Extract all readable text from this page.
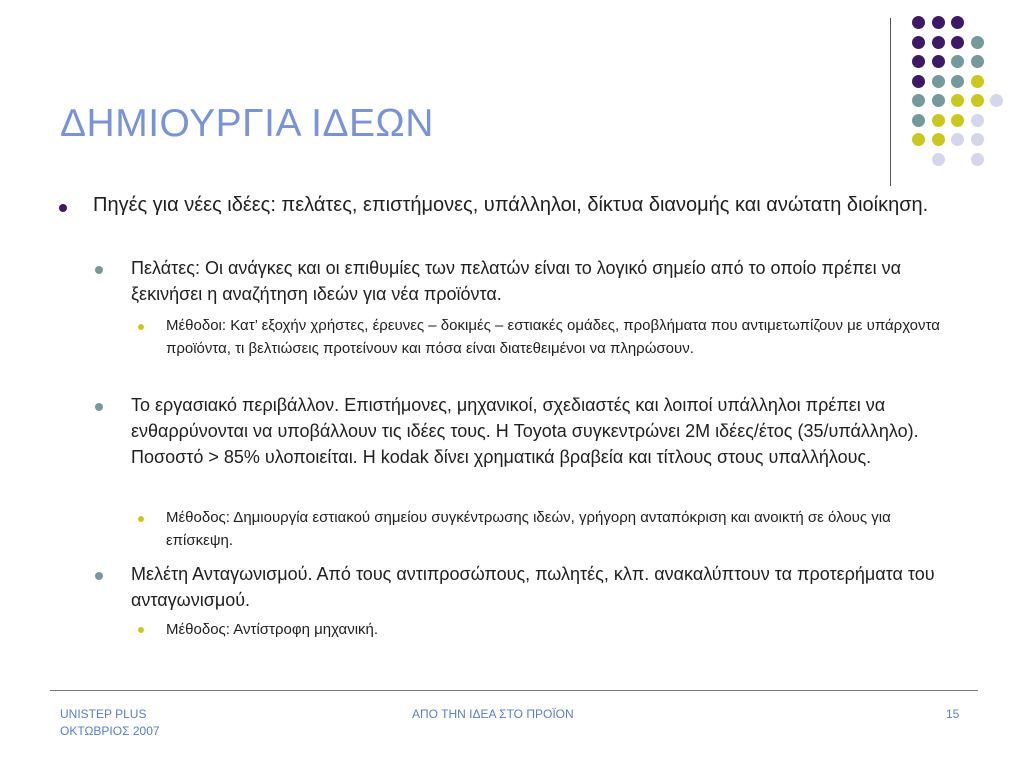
ΔΗΜΙΟΥΡΓΙΑ ΙΔΕΩΝ

Πηγές για νέες ιδέες: πελάτες, επιστήμονες, υπάλληλοι, δίκτυα διανομής και ανώτατη διοίκηση.

Πελάτες: Οι ανάγκες και οι επιθυμίες των πελατών είναι το λογικό σημείο από το οποίο πρέπει να ξεκινήσει η αναζήτηση ιδεών για νέα προϊόντα.

Μέθοδοι: Κατ’ εξοχήν χρήστες, έρευνες – δοκιμές – εστιακές ομάδες, προβλήματα που αντιμετωπίζουν με υπάρχοντα προϊόντα, τι βελτιώσεις προτείνουν και πόσα είναι διατεθειμένοι να πληρώσουν.

Το εργασιακό περιβάλλον. Επιστήμονες, μηχανικοί, σχεδιαστές και λοιποί υπάλληλοι πρέπει να ενθαρρύνονται να υποβάλλουν τις ιδέες τους. Η Toyota συγκεντρώνει 2Μ ιδέες/έτος (35/υπάλληλο). Ποσοστό > 85% υλοποιείται. Η kodak δίνει χρηματικά βραβεία και τίτλους στους υπαλλήλους.

Μέθοδος: Δημιουργία εστιακού σημείου συγκέντρωσης ιδεών, γρήγορη ανταπόκριση και ανοικτή σε όλους για επίσκεψη.

Μελέτη Ανταγωνισμού. Από τους αντιπροσώπους, πωλητές, κλπ. ανακαλύπτουν τα προτερήματα του ανταγωνισμού.

Μέθοδος: Αντίστροφη μηχανική.

UNISTEP PLUS

ΟΚΤΩΒΡΙΟΣ 2007

ΑΠΟ ΤΗΝ ΙΔΕΑ ΣΤΟ ΠΡΟΪΟΝ	15
